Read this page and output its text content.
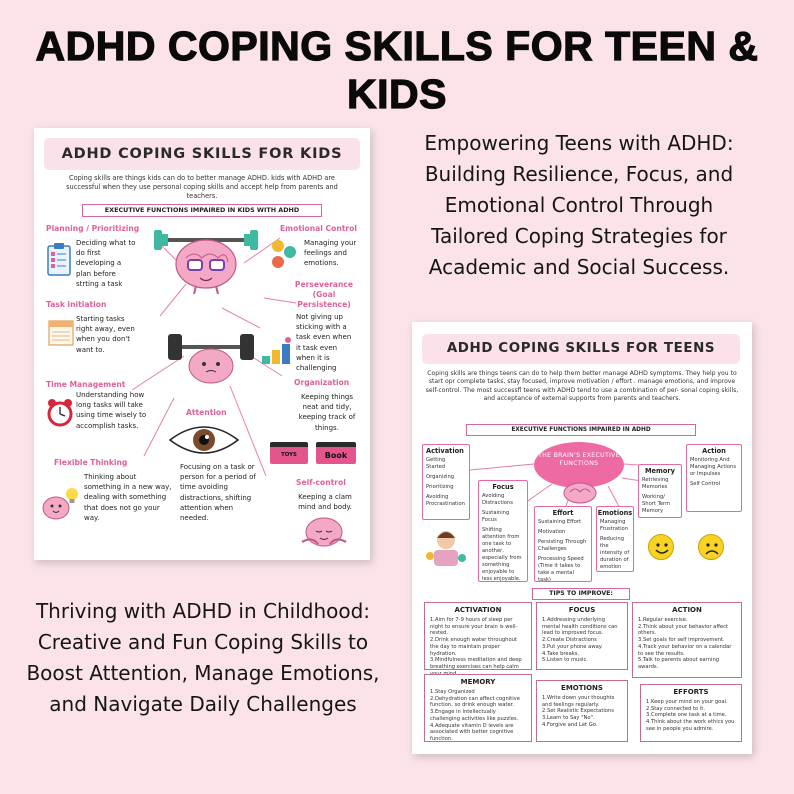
ADHD COPING SKILLS FOR TEEN & KIDS
Empowering Teens with ADHD: Building Resilience, Focus, and Emotional Control Through Tailored Coping Strategies for Academic and Social Success.
Thriving with ADHD in Childhood: Creative and Fun Coping Skills to Boost Attention, Manage Emotions, and Navigate Daily Challenges
ADHD COPING SKILLS FOR KIDS
Coping skills are things kids can do to better manage ADHD. kids with ADHD are successful when they use personal coping skills and accept help from parents and teachers.
EXECUTIVE FUNCTIONS IMPAIRED IN KIDS WITH ADHD
Planning / Prioritizing
Deciding what to do first developing a plan before strting a task
Task initiation
Starting tasks right away, even when you don't want to.
Time Management
Understanding how long tasks will take using time wisely to accomplish tasks.
Flexible Thinking
Thinking about something in a new way, dealing with something that does not go your way.
Attention
Focusing on a task or person for a period of time avoiding distractions, shifting attention when needed.
Emotional Control
Managing your feelings and emotions.
Perseverance (Goal Persistence)
Not giving up sticking with a task even when it task even when it is challenging
Organization
Keeping things neat and tidy, keeping track of things.
Self-control
Keeping a clam mind and body.
TOYS	Book
ADHD COPING SKILLS FOR TEENS
Coping skills are things teens can do to help them better manage ADHD symptoms. They help you to start opr complete tasks, stay focused, improve motivation / effort . manage emotions, and improve self-control. The most successfl teens with ADHD tend to use a combination of per- sonal coping skills, and acceptance of external supports from parents and teachers.
EXECUTIVE FUNCTIONS IMPAIRED IN ADHD
THE BRAIN'S EXECUTIVE FUNCTIONS
Activation
Getting Started
Organizing
Prioritizing
Avoiding Procrastination
Focus
Avoiding Distractions
Sustaining Focus
Shifting attention from one task to another, especially from something enjoyable to less enjoyable.
Effort
Sustaining Effort
Motivation
Persisting Through Challenges
Processing Speed (Time it takes to take a mental task)
Emotions
Managing Frustration
Reducing the intensity of duration of emotion
Memory
Retrieving Memories
Working/ Short Term Memory
Action
Monitoring And Managing Actions or Impulses
Self Control
TIPS TO IMPROVE:
ACTIVATION
1.Aim for 7-9 hours of sleep per night to ensure your brain is well-rested.
2.Drink enough water throughout the day to maintain proper hydration.
3.Mindfulness meditation and deep breathing exercises can help calm
FOCUS
1.Addressing underlying mental health conditions can lead to improved focus.
2.Create Distractions
3.Put your phone away.
4.Take breaks.
5.Listen to music.
ACTION
1.Regular exercise.
2.Think about your behavior affect others.
3.Set goals for self improvement.
4.Track your behavior on a calendar to see the results.
5.Talk to parents about earning awards.
MEMORY
1.Stay Organized
2.Dehydration can affect cognitive function, so drink enough water.
3.Engage in intellectually challenging activities like puzzles.
4.Adequate vitamin D levels are associated with better cognitive function.
EMOTIONS
1.Write down your thoughts and feelings regularly.
2.Set Realistic Expectations
3.Learn to Say "No".
4.Forgive and Let Go.
EFFORTS
1.Keep your mind on your goal.
2.Stay connected to it.
3.Complete one task at a time.
4.Think about the work ethics you see in people you admire.
